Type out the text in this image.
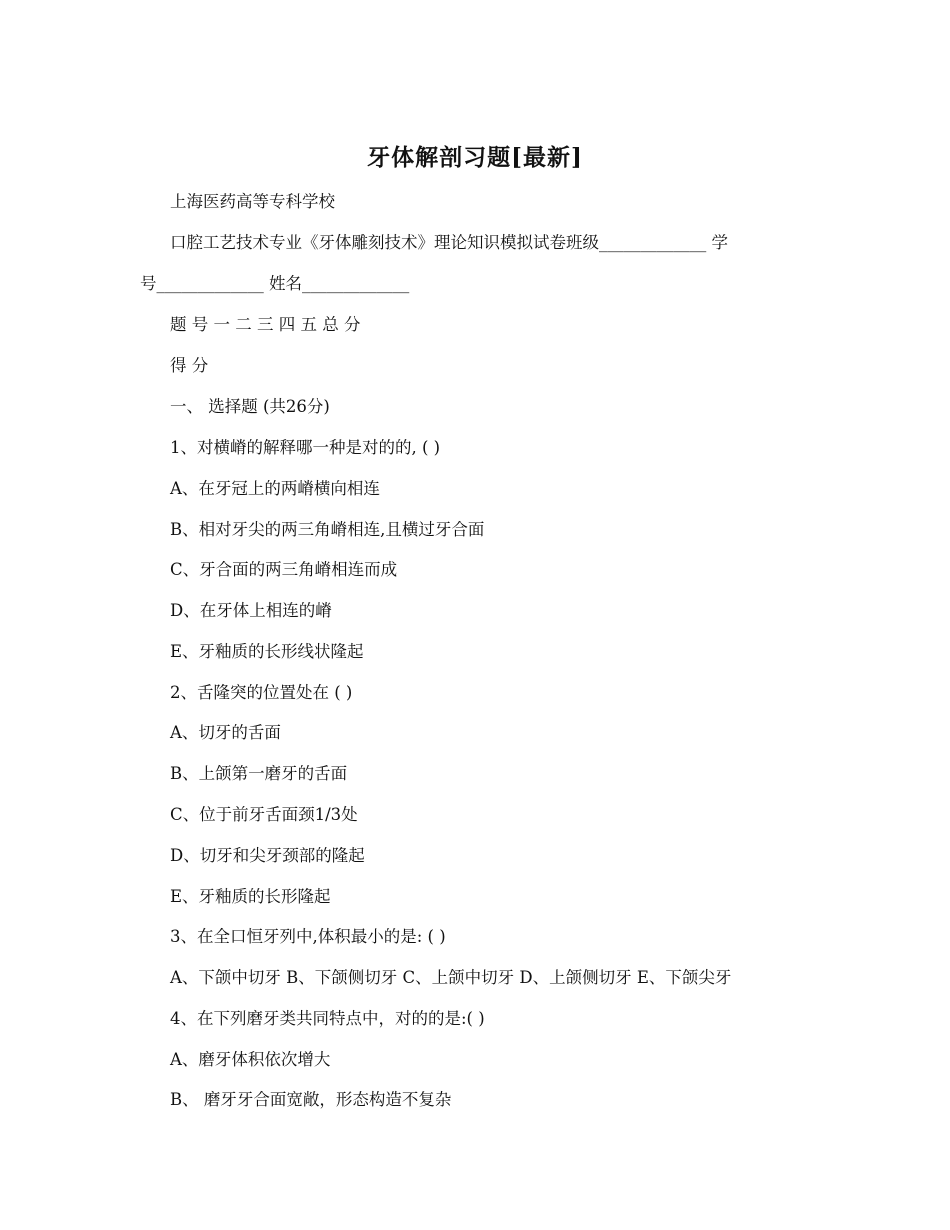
牙体解剖习题[最新]
上海医药高等专科学校
口腔工艺技术专业《牙体雕刻技术》理论知识模拟试卷班级_____________ 学
号_____________ 姓名_____________
题 号 一 二 三 四 五 总 分
得 分
一、 选择题 (共26分)
1、对横嵴的解释哪一种是对的的, ( )
A、在牙冠上的两嵴横向相连
B、相对牙尖的两三角嵴相连,且横过牙合面
C、牙合面的两三角嵴相连而成
D、在牙体上相连的嵴
E、牙釉质的长形线状隆起
2、舌隆突的位置处在 ( )
A、切牙的舌面
B、上颌第一磨牙的舌面
C、位于前牙舌面颈1/3处
D、切牙和尖牙颈部的隆起
E、牙釉质的长形隆起
3、在全口恒牙列中,体积最小的是: ( )
A、下颌中切牙 B、下颌侧切牙 C、上颌中切牙 D、上颌侧切牙 E、下颌尖牙
4、在下列磨牙类共同特点中，对的的是:( )
A、磨牙体积依次增大
B、 磨牙牙合面宽敞，形态构造不复杂
